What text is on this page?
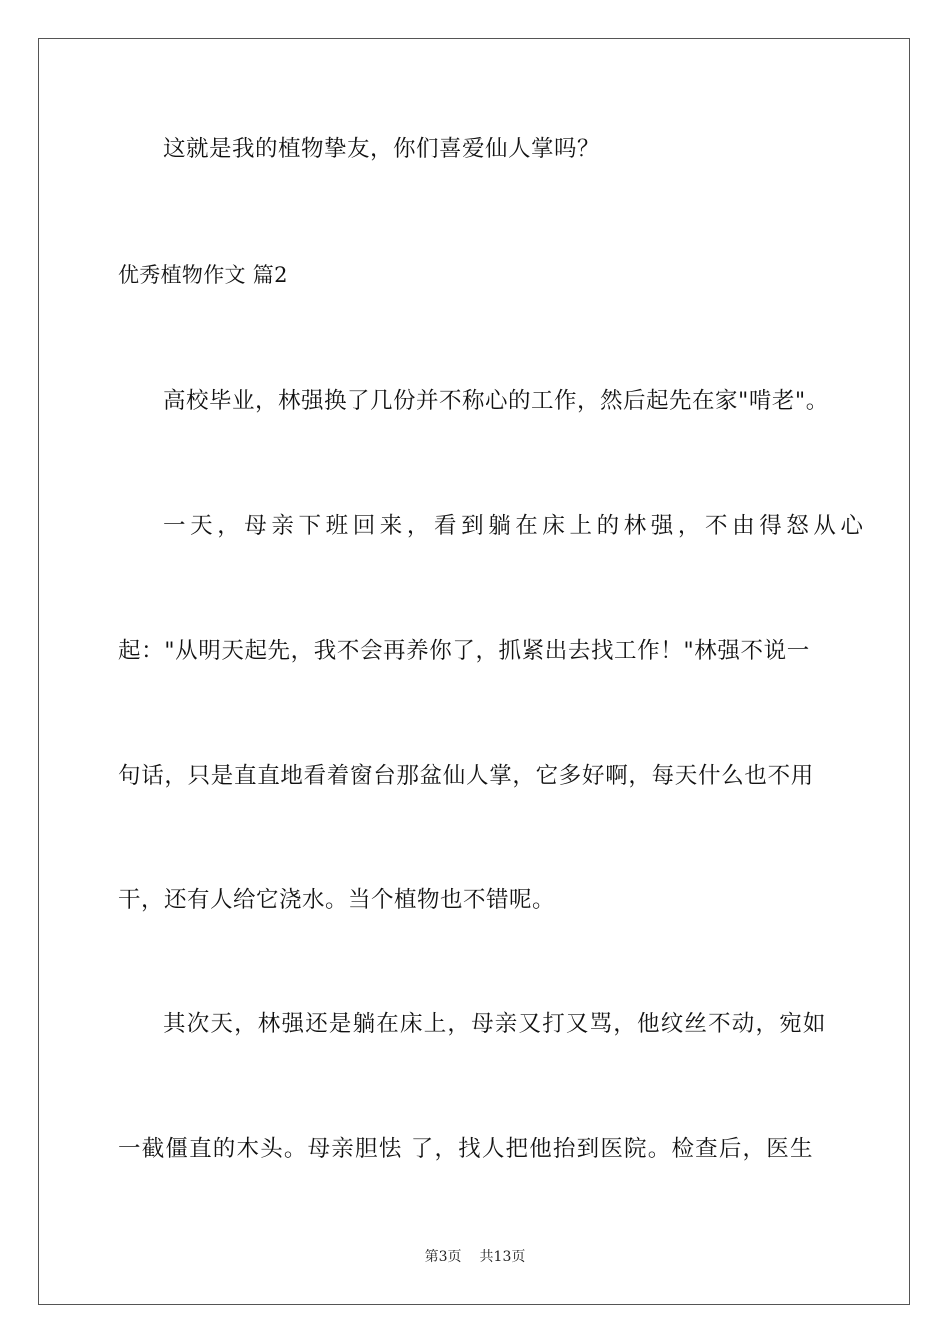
这就是我的植物挚友，你们喜爱仙人掌吗？
优秀植物作文 篇2
高校毕业，林强换了几份并不称心的工作，然后起先在家"啃老"。
一天，母亲下班回来，看到躺在床上的林强，不由得怒从心
起："从明天起先，我不会再养你了，抓紧出去找工作！"林强不说一
句话，只是直直地看着窗台那盆仙人掌，它多好啊，每天什么也不用
干，还有人给它浇水。当个植物也不错呢。
其次天，林强还是躺在床上，母亲又打又骂，他纹丝不动，宛如
一截僵直的木头。母亲胆怯 了，找人把他抬到医院。检查后，医生
第3页 共13页
